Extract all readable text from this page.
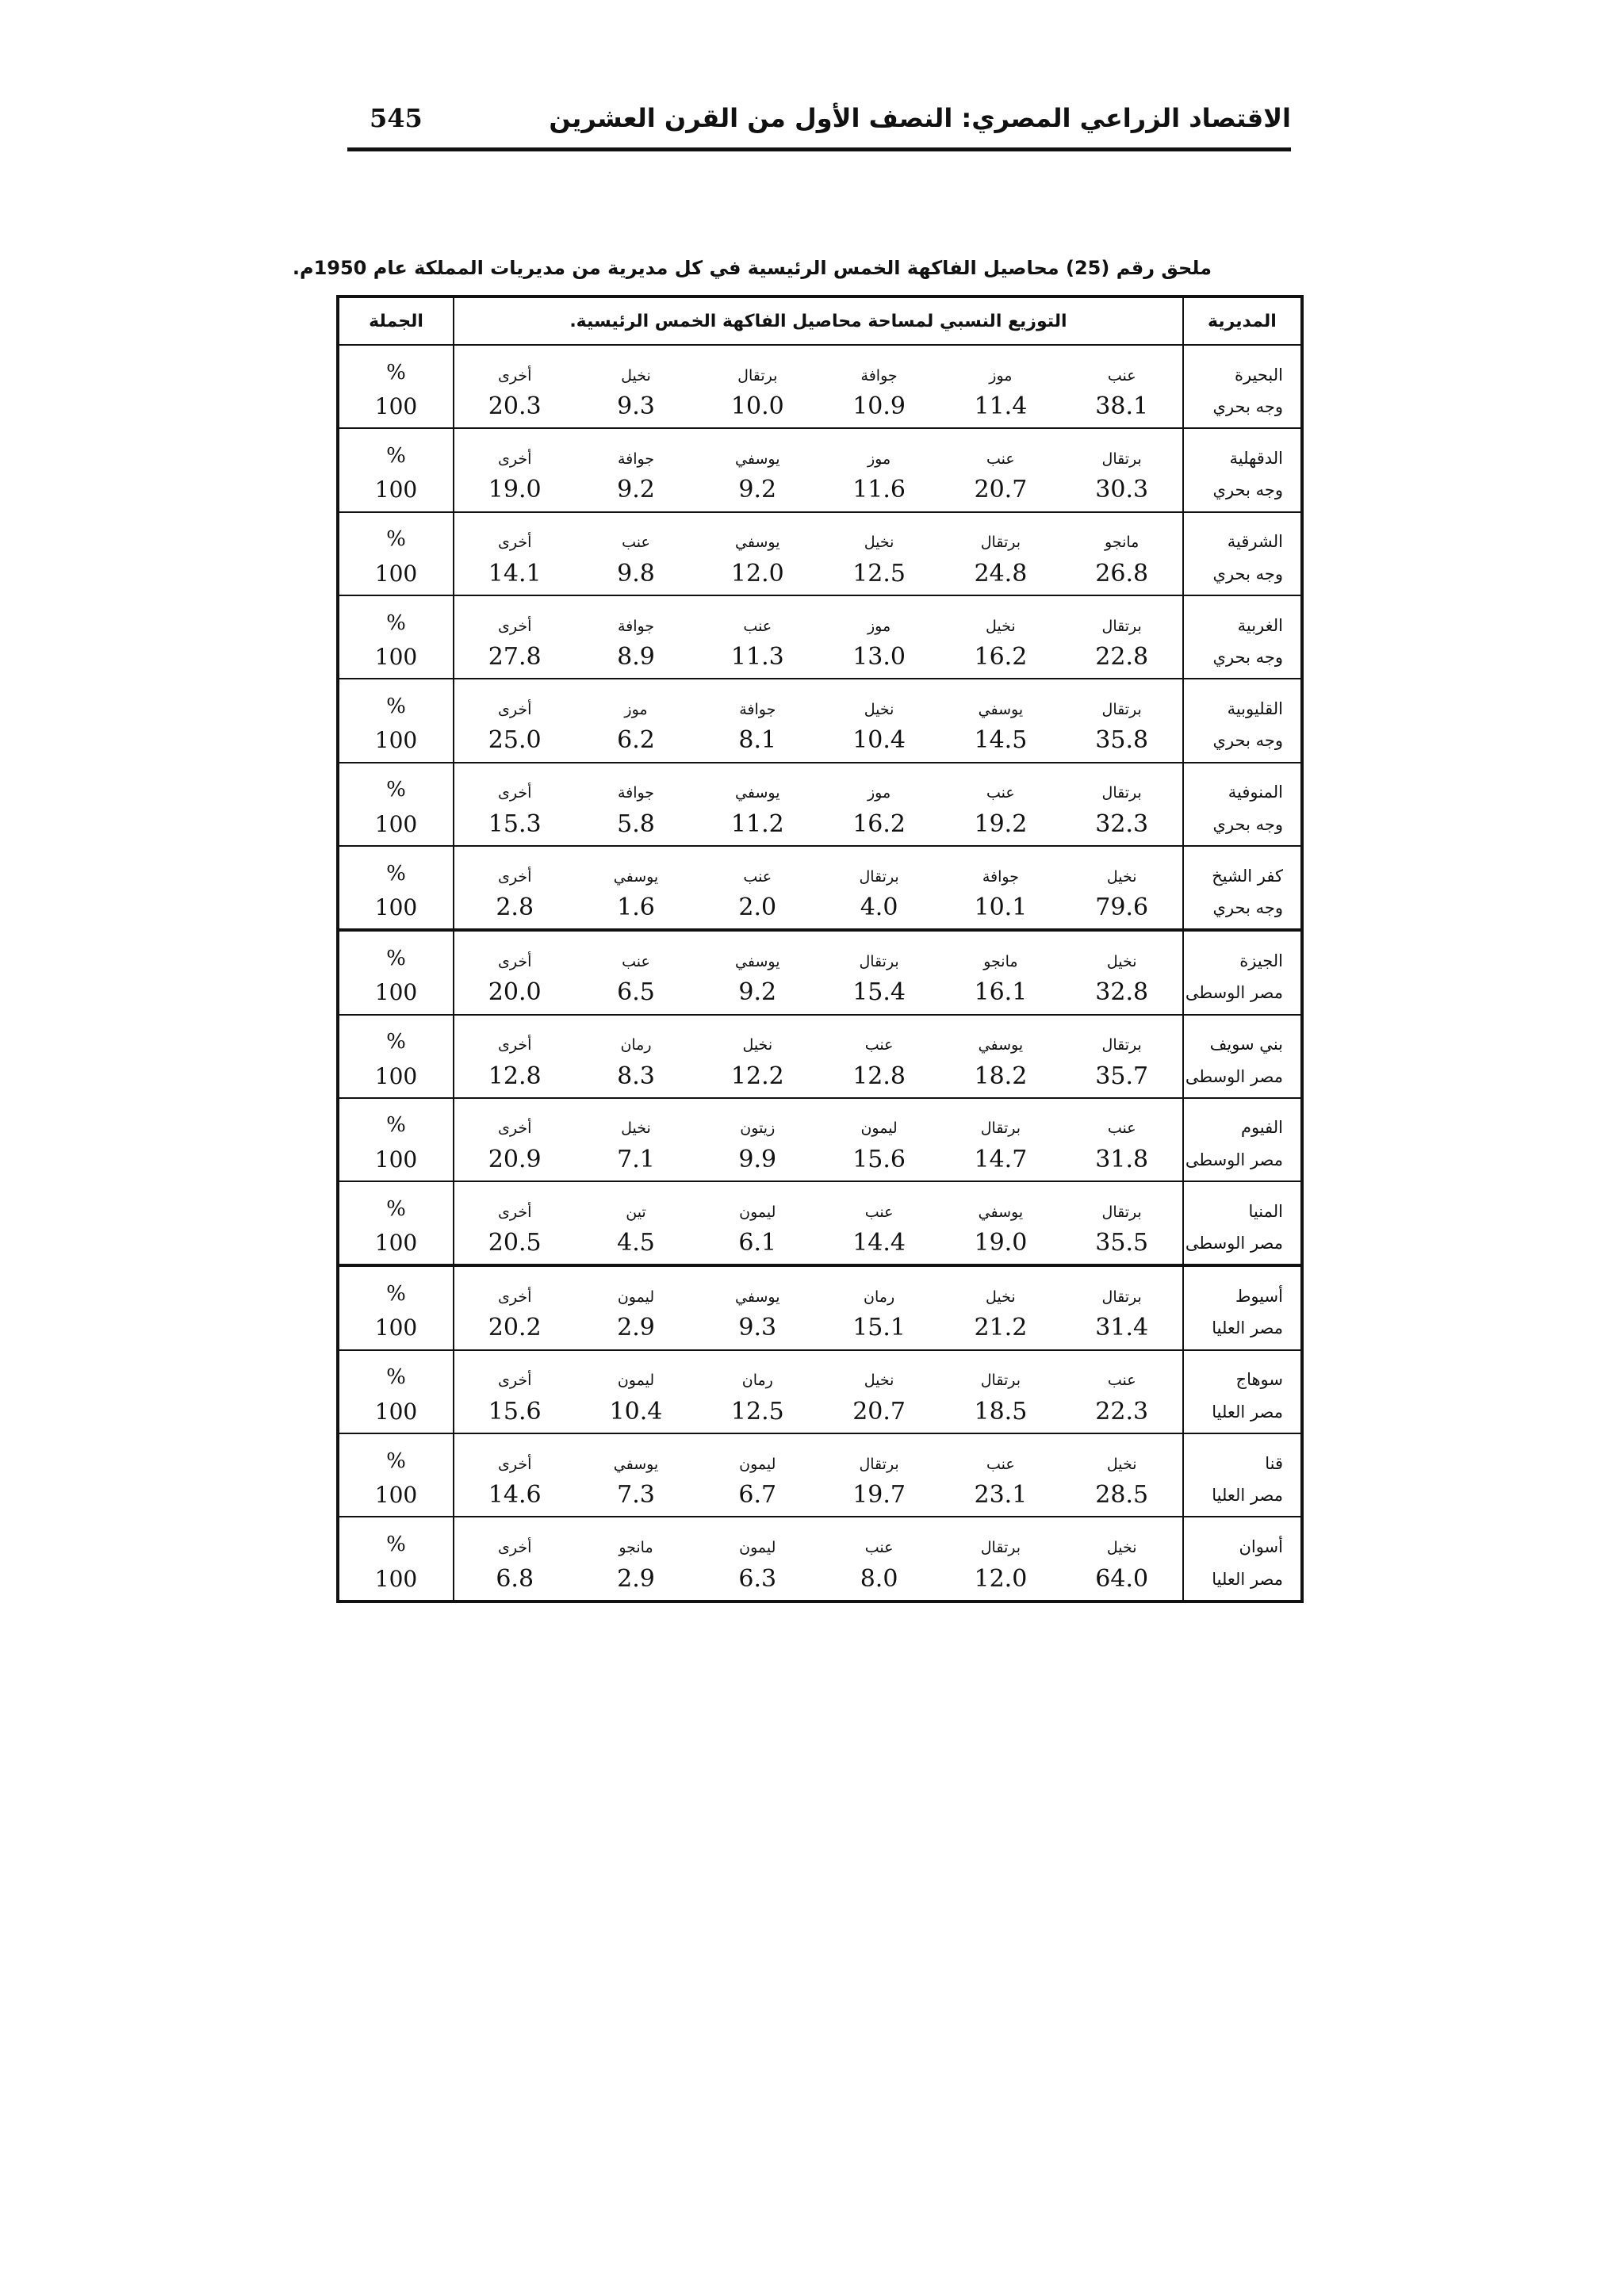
الاقتصاد الزراعي المصري: النصف الأول من القرن العشرين
545
ملحق رقم (25) محاصيل الفاكهة الخمس الرئيسية في كل مديرية من مديريات المملكة عام 1950م.
المديرية	التوزيع النسبي لمساحة محاصيل الفاكهة الخمس الرئيسية.						الجملة
البحيرة	عنب	موز	جوافة	برتقال	نخيل	أخرى	%

وجه بحري	38.1	11.4	10.9	10.0	9.3	20.3	100

الدقهلية	برتقال	عنب	موز	يوسفي	جوافة	أخرى	%

وجه بحري	30.3	20.7	11.6	9.2	9.2	19.0	100

الشرقية	مانجو	برتقال	نخيل	يوسفي	عنب	أخرى	%

وجه بحري	26.8	24.8	12.5	12.0	9.8	14.1	100

الغربية	برتقال	نخيل	موز	عنب	جوافة	أخرى	%

وجه بحري	22.8	16.2	13.0	11.3	8.9	27.8	100

القليوبية	برتقال	يوسفي	نخيل	جوافة	موز	أخرى	%

وجه بحري	35.8	14.5	10.4	8.1	6.2	25.0	100

المنوفية	برتقال	عنب	موز	يوسفي	جوافة	أخرى	%

وجه بحري	32.3	19.2	16.2	11.2	5.8	15.3	100

كفر الشيخ	نخيل	جوافة	برتقال	عنب	يوسفي	أخرى	%

وجه بحري	79.6	10.1	4.0	2.0	1.6	2.8	100

الجيزة	نخيل	مانجو	برتقال	يوسفي	عنب	أخرى	%

مصر الوسطى	32.8	16.1	15.4	9.2	6.5	20.0	100

بني سويف	برتقال	يوسفي	عنب	نخيل	رمان	أخرى	%

مصر الوسطى	35.7	18.2	12.8	12.2	8.3	12.8	100

الفيوم	عنب	برتقال	ليمون	زيتون	نخيل	أخرى	%

مصر الوسطى	31.8	14.7	15.6	9.9	7.1	20.9	100

المنيا	برتقال	يوسفي	عنب	ليمون	تين	أخرى	%

مصر الوسطى	35.5	19.0	14.4	6.1	4.5	20.5	100

أسيوط	برتقال	نخيل	رمان	يوسفي	ليمون	أخرى	%

مصر العليا	31.4	21.2	15.1	9.3	2.9	20.2	100

سوهاج	عنب	برتقال	نخيل	رمان	ليمون	أخرى	%

مصر العليا	22.3	18.5	20.7	12.5	10.4	15.6	100

قنا	نخيل	عنب	برتقال	ليمون	يوسفي	أخرى	%

مصر العليا	28.5	23.1	19.7	6.7	7.3	14.6	100

أسوان	نخيل	برتقال	عنب	ليمون	مانجو	أخرى	%

مصر العليا	64.0	12.0	8.0	6.3	2.9	6.8	100
